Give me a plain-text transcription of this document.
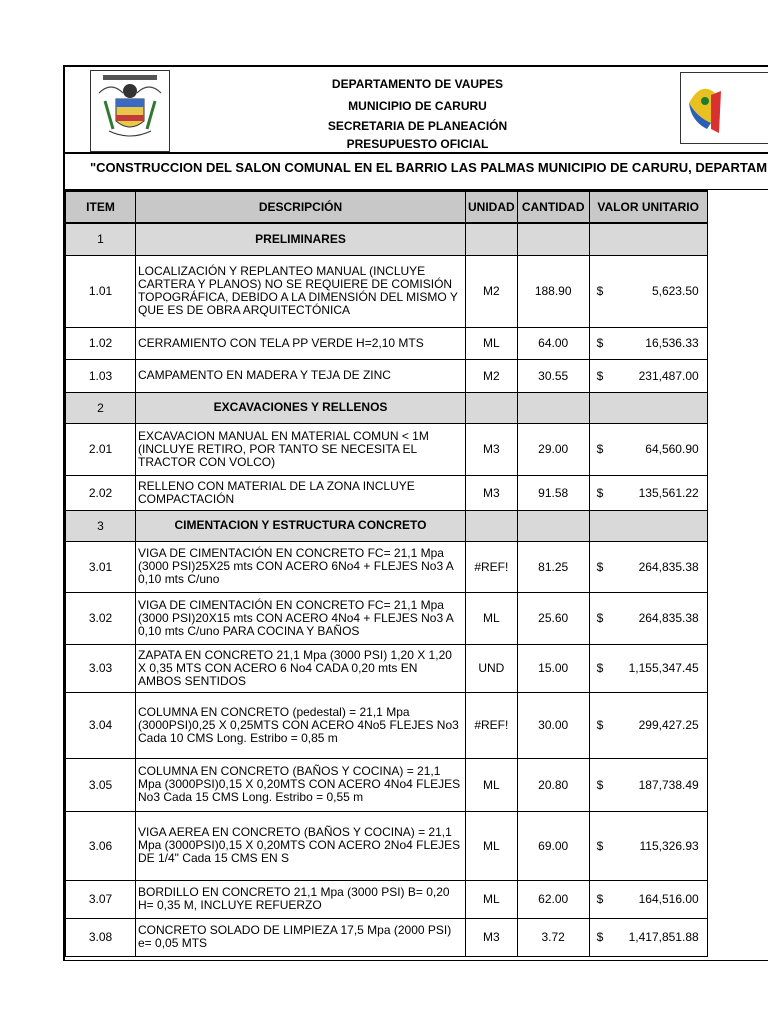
DEPARTAMENTO DE VAUPES
MUNICIPIO DE CARURU
SECRETARIA DE PLANEACIÓN
PRESUPUESTO OFICIAL
"CONSTRUCCION DEL SALON COMUNAL EN EL BARRIO LAS PALMAS MUNICIPIO DE CARURU, DEPARTAM
ITEM	DESCRIPCIÓN	UNIDAD	CANTIDAD	VALOR UNITARIO
1	PRELIMINARES			

1.01	LOCALIZACIÓN Y REPLANTEO MANUAL (INCLUYE CARTERA Y PLANOS) NO SE REQUIERE DE COMISIÓN TOPOGRÁFICA, DEBIDO A LA DIMENSIÓN DEL MISMO Y QUE ES DE OBRA ARQUITECTÓNICA	M2	188.90	$ 5,623.50

1.02	CERRAMIENTO CON TELA PP VERDE H=2,10 MTS	ML	64.00	$ 16,536.33

1.03	CAMPAMENTO EN MADERA Y TEJA DE ZINC	M2	30.55	$ 231,487.00

2	EXCAVACIONES Y RELLENOS			

2.01	EXCAVACION MANUAL EN MATERIAL COMUN < 1M (INCLUYE RETIRO, POR TANTO SE NECESITA EL TRACTOR CON VOLCO)	M3	29.00	$ 64,560.90

2.02	RELLENO CON MATERIAL DE LA ZONA INCLUYE COMPACTACIÓN	M3	91.58	$ 135,561.22

3	CIMENTACION Y ESTRUCTURA CONCRETO			

3.01	VIGA DE CIMENTACIÓN EN CONCRETO FC= 21,1 Mpa (3000 PSI)25X25 mts CON ACERO 6No4 + FLEJES No3 A 0,10 mts C/uno	#REF!	81.25	$ 264,835.38

3.02	VIGA DE CIMENTACIÓN EN CONCRETO FC= 21,1 Mpa (3000 PSI)20X15 mts CON ACERO 4No4 + FLEJES No3 A 0,10 mts C/uno PARA COCINA Y BAÑOS	ML	25.60	$ 264,835.38

3.03	ZAPATA EN CONCRETO 21,1 Mpa (3000 PSI) 1,20 X 1,20 X 0,35 MTS CON ACERO 6 No4 CADA 0,20 mts EN AMBOS SENTIDOS	UND	15.00	$ 1,155,347.45

3.04	COLUMNA EN CONCRETO (pedestal) = 21,1 Mpa (3000PSI)0,25 X 0,25MTS CON ACERO 4No5 FLEJES No3 Cada 10 CMS Long. Estribo = 0,85 m	#REF!	30.00	$ 299,427.25

3.05	COLUMNA EN CONCRETO (BAÑOS Y COCINA) = 21,1 Mpa (3000PSI)0,15 X 0,20MTS CON ACERO 4No4 FLEJES No3 Cada 15 CMS Long. Estribo = 0,55 m	ML	20.80	$ 187,738.49

3.06	VIGA AEREA EN CONCRETO (BAÑOS Y COCINA) = 21,1 Mpa (3000PSI)0,15 X 0,20MTS CON ACERO 2No4 FLEJES DE 1/4" Cada 15 CMS EN S	ML	69.00	$ 115,326.93

3.07	BORDILLO EN CONCRETO 21,1 Mpa (3000 PSI) B= 0,20 H= 0,35 M, INCLUYE REFUERZO	ML	62.00	$ 164,516.00

3.08	CONCRETO SOLADO DE LIMPIEZA 17,5 Mpa (2000 PSI) e= 0,05 MTS	M3	3.72	$ 1,417,851.88
